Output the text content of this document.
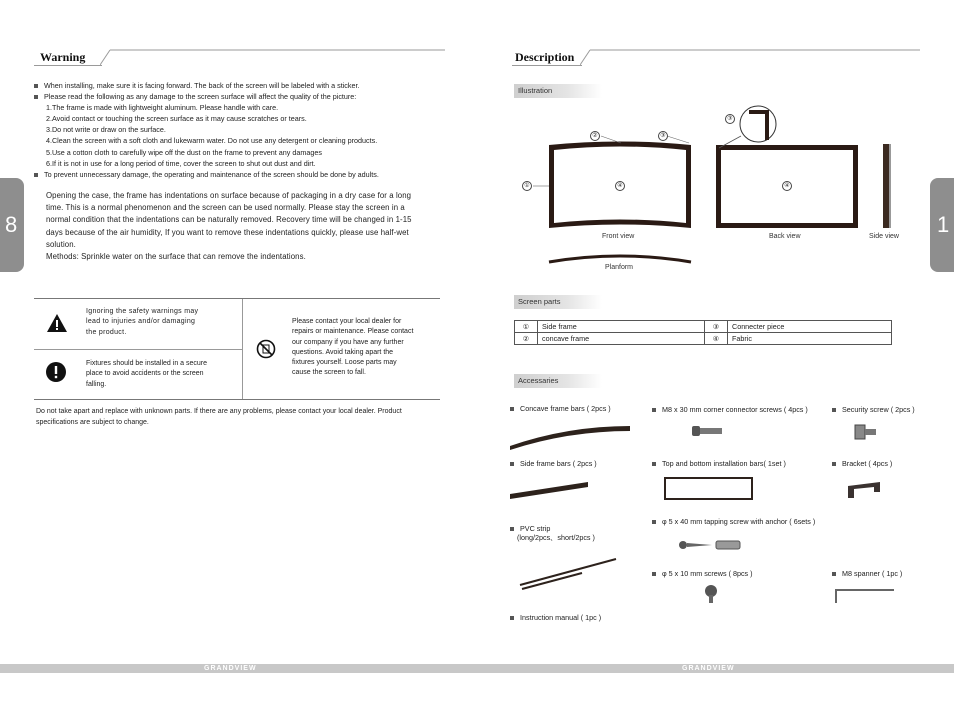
8
Warning
When installing, make sure it is facing forward. The back of the screen will be labeled with a sticker.
Please read the following as any damage to the screen surface will affect the quality of the picture:
1.The frame is made with lightweight aluminum. Please handle with care.
2.Avoid contact or touching the screen surface as it may cause scratches or tears.
3.Do not write or draw on the surface.
4.Clean the screen with a soft cloth and lukewarm water. Do not use any detergent or cleaning products.
5.Use a cotton cloth to carefully wipe off the dust on the frame to prevent any damages
6.If it is not in use for a long period of time, cover the screen to shut out dust and dirt.
To prevent unnecessary damage, the operating and maintenance of the screen should be done by adults.
Opening the case, the frame has indentations on surface because of packaging in a dry case for a long
time. This is a normal phenomenon and the screen can be used normally. Please stay the screen in a
normal condition that the indentations can be naturally removed. Recovery time will be changed in 1-15
days because of the air humidity, If you want to remove these indentations quickly, please use half-wet
solution.
Methods: Sprinkle water on the surface that can remove the indentations.
Ignoring the safety warnings may
lead to injuries and/or damaging
the product.
Fixtures should be installed in a secure
place to avoid accidents or the screen
falling.
Please contact your local dealer for
repairs or maintenance. Please contact
our company if you have any further
questions. Avoid taking apart the
fixtures yourself. Loose parts may
cause the screen to fall.
Do not take apart and replace with unknown parts. If there are any problems, please contact your local dealer. Product
specifications are subject to change.
GRANDVIEW
1
Description
Illustration
②	③
③
①	④	④
Front view	Back view	Side view
Planform
Screen parts
①	Side frame	③	Connecter piece
②	concave frame	④	Fabric
Accessaries
Concave frame bars ( 2pcs )	M8 x 30 mm corner connector screws ( 4pcs )	Security screw ( 2pcs )
Side frame bars ( 2pcs )	Top and bottom installation bars( 1set )	Bracket ( 4pcs )
PVC strip
(long/2pcs、short/2pcs )
φ 5 x 40 mm tapping screw with anchor ( 6sets )
φ 5 x 10 mm screws ( 8pcs )	M8 spanner ( 1pc )
Instruction manual ( 1pc )
GRANDVIEW
